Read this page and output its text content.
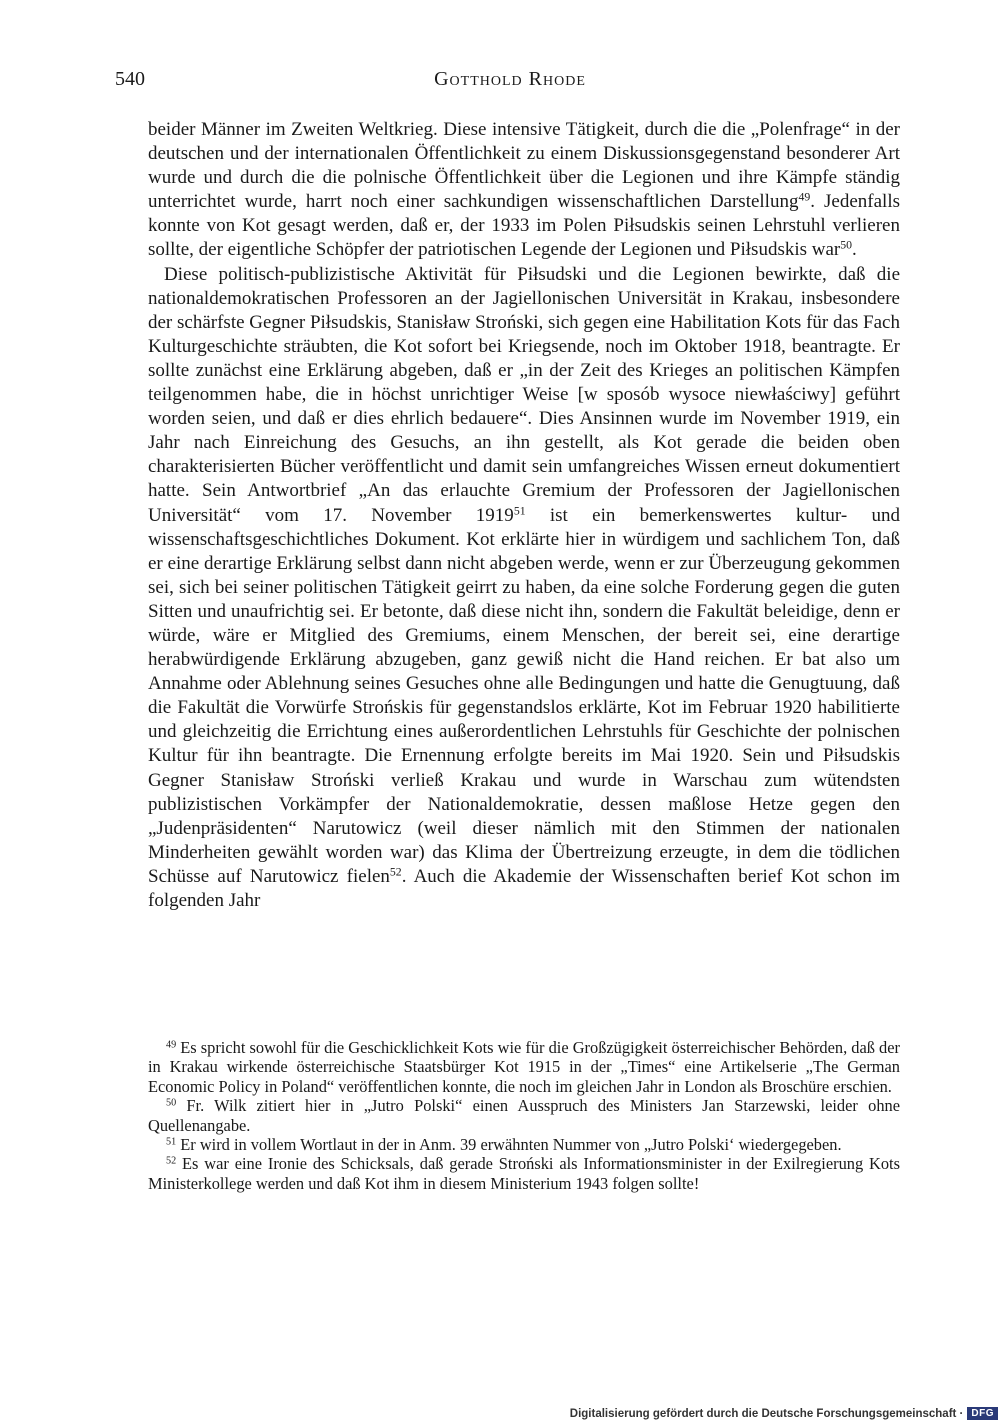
540	Gotthold Rhode

beider Männer im Zweiten Weltkrieg. Diese intensive Tätigkeit, durch die die „Polenfrage“ in der deutschen und der internationalen Öffentlichkeit zu einem Diskussionsgegenstand besonderer Art wurde und durch die die polnische Öffentlichkeit über die Legionen und ihre Kämpfe ständig unterrichtet wurde, harrt noch einer sachkundigen wissenschaftlichen Darstellung$^{49}$. Jedenfalls konnte von Kot gesagt werden, daß er, der 1933 im Polen Piłsudskis seinen Lehrstuhl verlieren sollte, der eigentliche Schöpfer der patriotischen Legende der Legionen und Piłsudskis war$^{50}$.

Diese politisch-publizistische Aktivität für Piłsudski und die Legionen bewirkte, daß die nationaldemokratischen Professoren an der Jagiellonischen Universität in Krakau, insbesondere der schärfste Gegner Piłsudskis, Stanisław Stroński, sich gegen eine Habilitation Kots für das Fach Kulturgeschichte sträubten, die Kot sofort bei Kriegsende, noch im Oktober 1918, beantragte. Er sollte zunächst eine Erklärung abgeben, daß er „in der Zeit des Krieges an politischen Kämpfen teilgenommen habe, die in höchst unrichtiger Weise [w sposób wysoce niewłaściwy] geführt worden seien, und daß er dies ehrlich bedauere“. Dies Ansinnen wurde im November 1919, ein Jahr nach Einreichung des Gesuchs, an ihn gestellt, als Kot gerade die beiden oben charakterisierten Bücher veröffentlicht und damit sein umfangreiches Wissen erneut dokumentiert hatte. Sein Antwortbrief „An das erlauchte Gremium der Professoren der Jagiellonischen Universität“ vom 17. November 1919$^{51}$ ist ein bemerkenswertes kultur- und wissenschaftsgeschichtliches Dokument. Kot erklärte hier in würdigem und sachlichem Ton, daß er eine derartige Erklärung selbst dann nicht abgeben werde, wenn er zur Überzeugung gekommen sei, sich bei seiner politischen Tätigkeit geirrt zu haben, da eine solche Forderung gegen die guten Sitten und unaufrichtig sei. Er betonte, daß diese nicht ihn, sondern die Fakultät beleidige, denn er würde, wäre er Mitglied des Gremiums, einem Menschen, der bereit sei, eine derartige herabwürdigende Erklärung abzugeben, ganz gewiß nicht die Hand reichen. Er bat also um Annahme oder Ablehnung seines Gesuches ohne alle Bedingungen und hatte die Genugtuung, daß die Fakultät die Vorwürfe Strońskis für gegenstandslos erklärte, Kot im Februar 1920 habilitierte und gleichzeitig die Errichtung eines außerordentlichen Lehrstuhls für Geschichte der polnischen Kultur für ihn beantragte. Die Ernennung erfolgte bereits im Mai 1920. Sein und Piłsudskis Gegner Stanisław Stroński verließ Krakau und wurde in Warschau zum wütendsten publizistischen Vorkämpfer der Nationaldemokratie, dessen maßlose Hetze gegen den „Judenpräsidenten“ Narutowicz (weil dieser nämlich mit den Stimmen der nationalen Minderheiten gewählt worden war) das Klima der Übertreizung erzeugte, in dem die tödlichen Schüsse auf Narutowicz fielen$^{52}$. Auch die Akademie der Wissenschaften berief Kot schon im folgenden Jahr

$^{49}$ Es spricht sowohl für die Geschicklichkeit Kots wie für die Großzügigkeit österreichischer Behörden, daß der in Krakau wirkende österreichische Staatsbürger Kot 1915 in der „Times“ eine Artikelserie „The German Economic Policy in Poland“ veröffentlichen konnte, die noch im gleichen Jahr in London als Broschüre erschien.

$^{50}$ Fr. Wilk zitiert hier in „Jutro Polski“ einen Ausspruch des Ministers Jan Starzewski, leider ohne Quellenangabe.

$^{51}$ Er wird in vollem Wortlaut in der in Anm. 39 erwähnten Nummer von „Jutro Polski‘ wiedergegeben.

$^{52}$ Es war eine Ironie des Schicksals, daß gerade Stroński als Informationsminister in der Exilregierung Kots Ministerkollege werden und daß Kot ihm in diesem Ministerium 1943 folgen sollte!

Digitalisierung gefördert durch die Deutsche Forschungsgemeinschaft · DFG
